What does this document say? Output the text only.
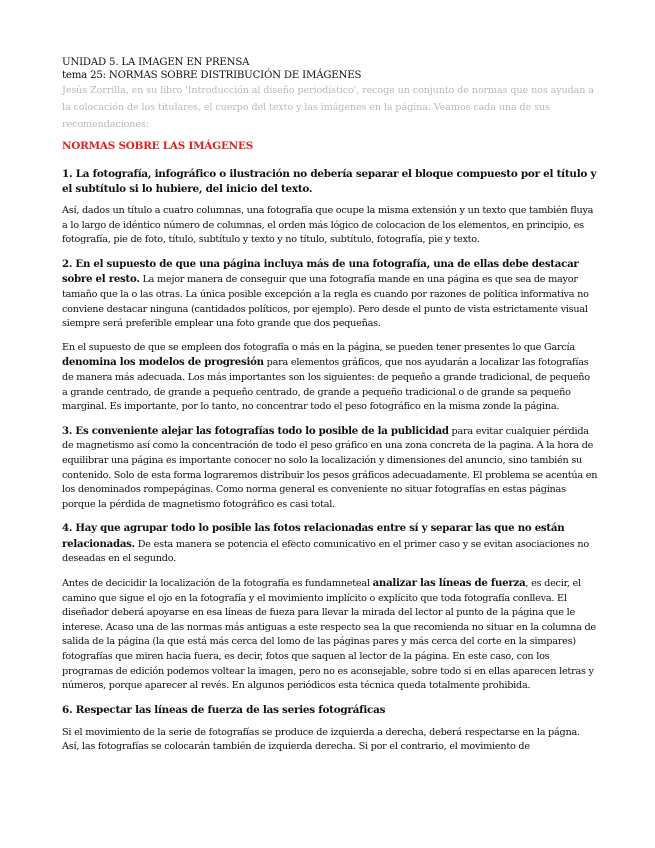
UNIDAD 5. LA IMAGEN EN PRENSA

tema 25: NORMAS SOBRE DISTRIBUCIÓN DE IMÁGENES

Jesús Zorrilla, en su libro 'Introducción al diseño periodístico', recoge un conjunto de normas que nos ayudan a la colocación de los titulares, el cuerpo del texto y las imágenes en la página. Veamos cada una de sus recomendaciones:

NORMAS SOBRE LAS IMÁGENES

1. La fotografía, infográfico o ilustración no debería separar el bloque compuesto por el título y el subtítulo si lo hubiere, del inicio del texto.

Así, dados un título a cuatro columnas, una fotografía que ocupe la misma extensión y un texto que también fluya a lo largo de idéntico número de columnas, el orden más lógico de colocacion de los elementos, en principio, es fotografía, pie de foto, título, subtítulo y texto y no título, subtítulo, fotografía, pie y texto.

2. En el supuesto de que una página incluya más de una fotografía, una de ellas debe destacar sobre el resto. La mejor manera de conseguir que una fotografía mande en una página es que sea de mayor tamaño que la o las otras. La única posible excepción a la regla es cuando por razones de política informativa no conviene destacar ninguna (cantidados políticos, por ejemplo). Pero desde el punto de vista estrictamente visual siempre será preferible emplear una foto grande que dos pequeñas.

En el supuesto de que se empleen dos fotografía o más en la página, se pueden tener presentes lo que García denomina los modelos de progresión para elementos gráficos, que nos ayudarán a localizar las fotografías de manera más adecuada. Los más importantes son los siguientes: de pequeño a grande tradicional, de pequeño a grande centrado, de grande a pequeño centrado, de grande a pequeño tradicional o de grande sa pequeño marginal. Es importante, por lo tanto, no concentrar todo el peso fotográfico en la misma zonde la página.

3. Es conveniente alejar las fotografías todo lo posible de la publicidad para evitar cualquier pérdida de magnetismo así como la concentración de todo el peso gráfico en una zona concreta de la pagina. A la hora de equilibrar una página es importante conocer no solo la localización y dimensiones del anuncio, sino también su contenido. Solo de esta forma lograremos distribuir los pesos gráficos adecuadamente. El problema se acentúa en los denominados rompepáginas. Como norma general es conveniente no situar fotografías en estas páginas porque la pérdida de magnetismo fotográfico es casi total.

4. Hay que agrupar todo lo posible las fotos relacionadas entre sí y separar las que no están relacionadas. De esta manera se potencia el efecto comunicativo en el primer caso y se evitan asociaciones no deseadas en el segundo.

Antes de decicidir la localización de la fotografía es fundamneteal analizar las líneas de fuerza, es decir, el camino que sigue el ojo en la fotografía y el movimiento implícito o explícito que toda fotografía conlleva. El diseñador deberá apoyarse en esa líneas de fueza para llevar la mirada del lector al punto de la página que le interese. Acaso una de las normas más antiguas a este respecto sea la que recomienda no situar en la columna de salida de la página (la que está más cerca del lomo de las páginas pares y más cerca del corte en la simpares) fotografías que miren hacia fuera, es decir, fotos que saquen al lector de la página. En este caso, con los programas de edición podemos voltear la imagen, pero no es aconsejable, sobre todo si en ellas aparecen letras y números, porque aparecer al revés. En algunos periódicos esta técnica queda totalmente prohibida.

6. Respectar las líneas de fuerza de las series fotográficas

Si el movimiento de la serie de fotografías se produce de izquierda a derecha, deberá respectarse en la págna. Así, las fotografías se colocarán también de izquierda derecha. Si por el contrario, el movimiento de
